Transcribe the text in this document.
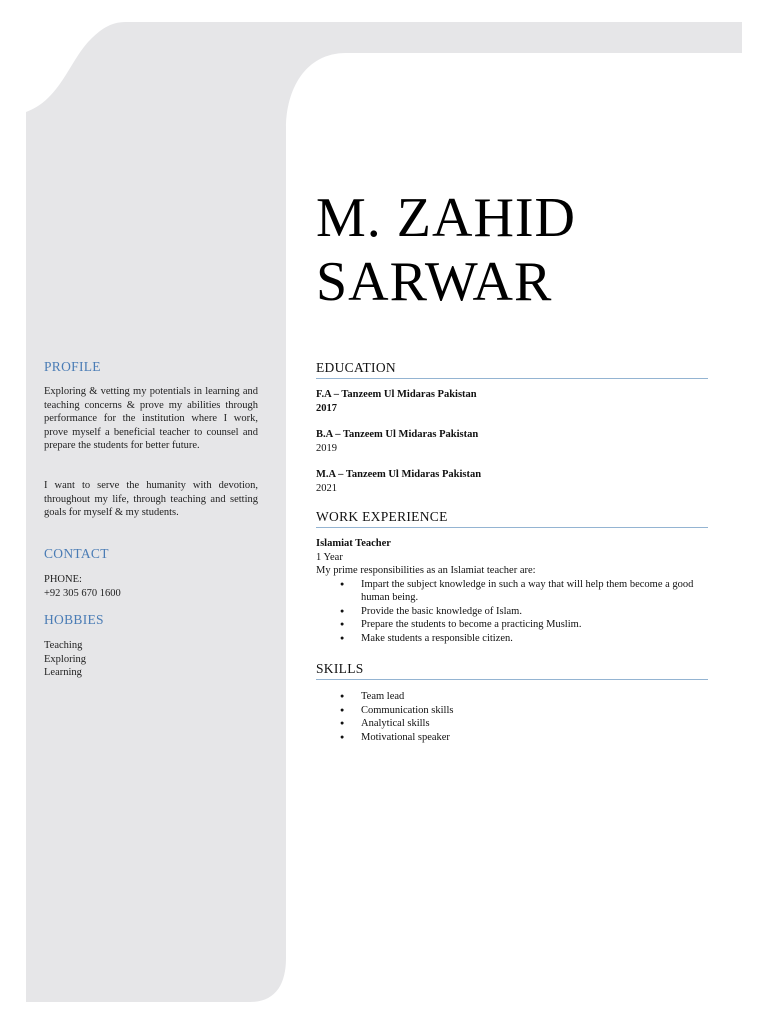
M. ZAHID
SARWAR
PROFILE

Exploring & vetting my potentials in learning and teaching concerns & prove my abilities through performance for the institution where I work, prove myself a beneficial teacher to counsel and prepare the students for better future.

I want to serve the humanity with devotion, throughout my life, through teaching and setting goals for myself & my students.

CONTACT
PHONE:
+92 305 670 1600
HOBBIES
Teaching
Exploring
Learning
EDUCATION
F.A – Tanzeem Ul Midaras Pakistan
2017
B.A – Tanzeem Ul Midaras Pakistan
2019
M.A – Tanzeem Ul Midaras Pakistan
2021
WORK EXPERIENCE
Islamiat Teacher
1 Year
My prime responsibilities as an Islamiat teacher are:
● Impart the subject knowledge in such a way that will help them become a good human being.
● Provide the basic knowledge of Islam.
● Prepare the students to become a practicing Muslim.
● Make students a responsible citizen.
SKILLS
● Team lead
● Communication skills
● Analytical skills
● Motivational speaker
